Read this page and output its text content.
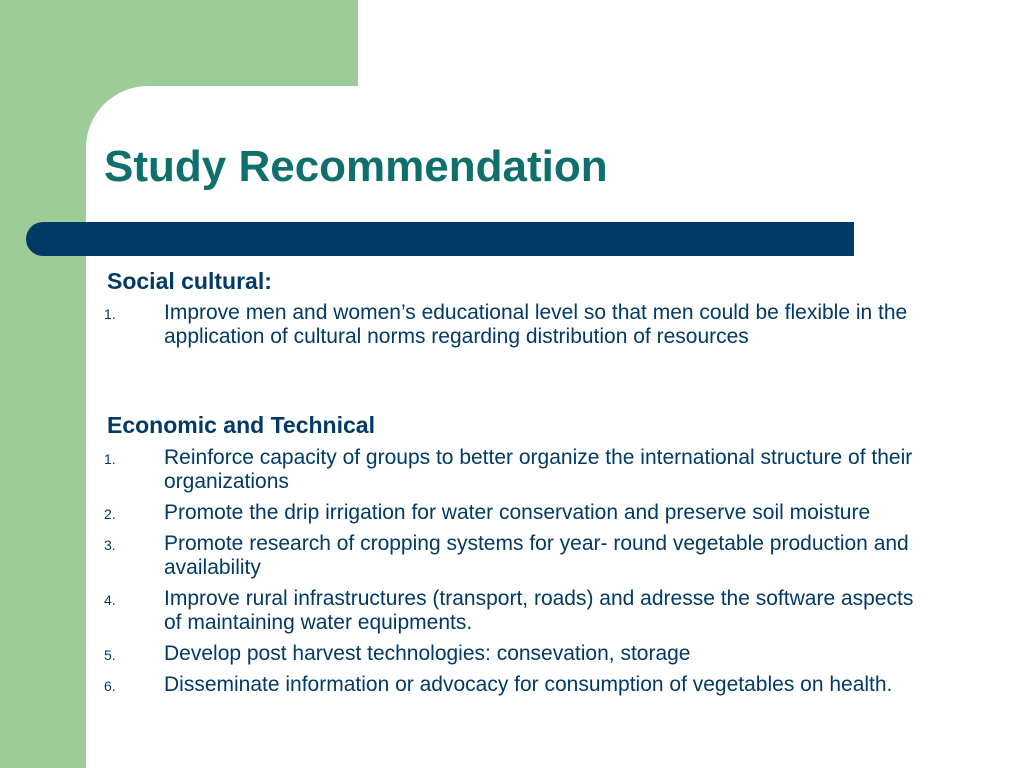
Study Recommendation
Social cultural:
1. Improve men and women’s educational level so that men could be flexible in the application of cultural norms regarding distribution of resources
Economic and Technical
1. Reinforce capacity of groups to better organize the international structure of their organizations
2. Promote the drip irrigation for water conservation and preserve soil moisture
3. Promote research of cropping systems for year- round vegetable production and availability
4. Improve rural infrastructures (transport, roads) and adresse the software aspects of maintaining water equipments.
5. Develop post harvest technologies: consevation, storage
6. Disseminate information or advocacy for consumption of vegetables on health.
